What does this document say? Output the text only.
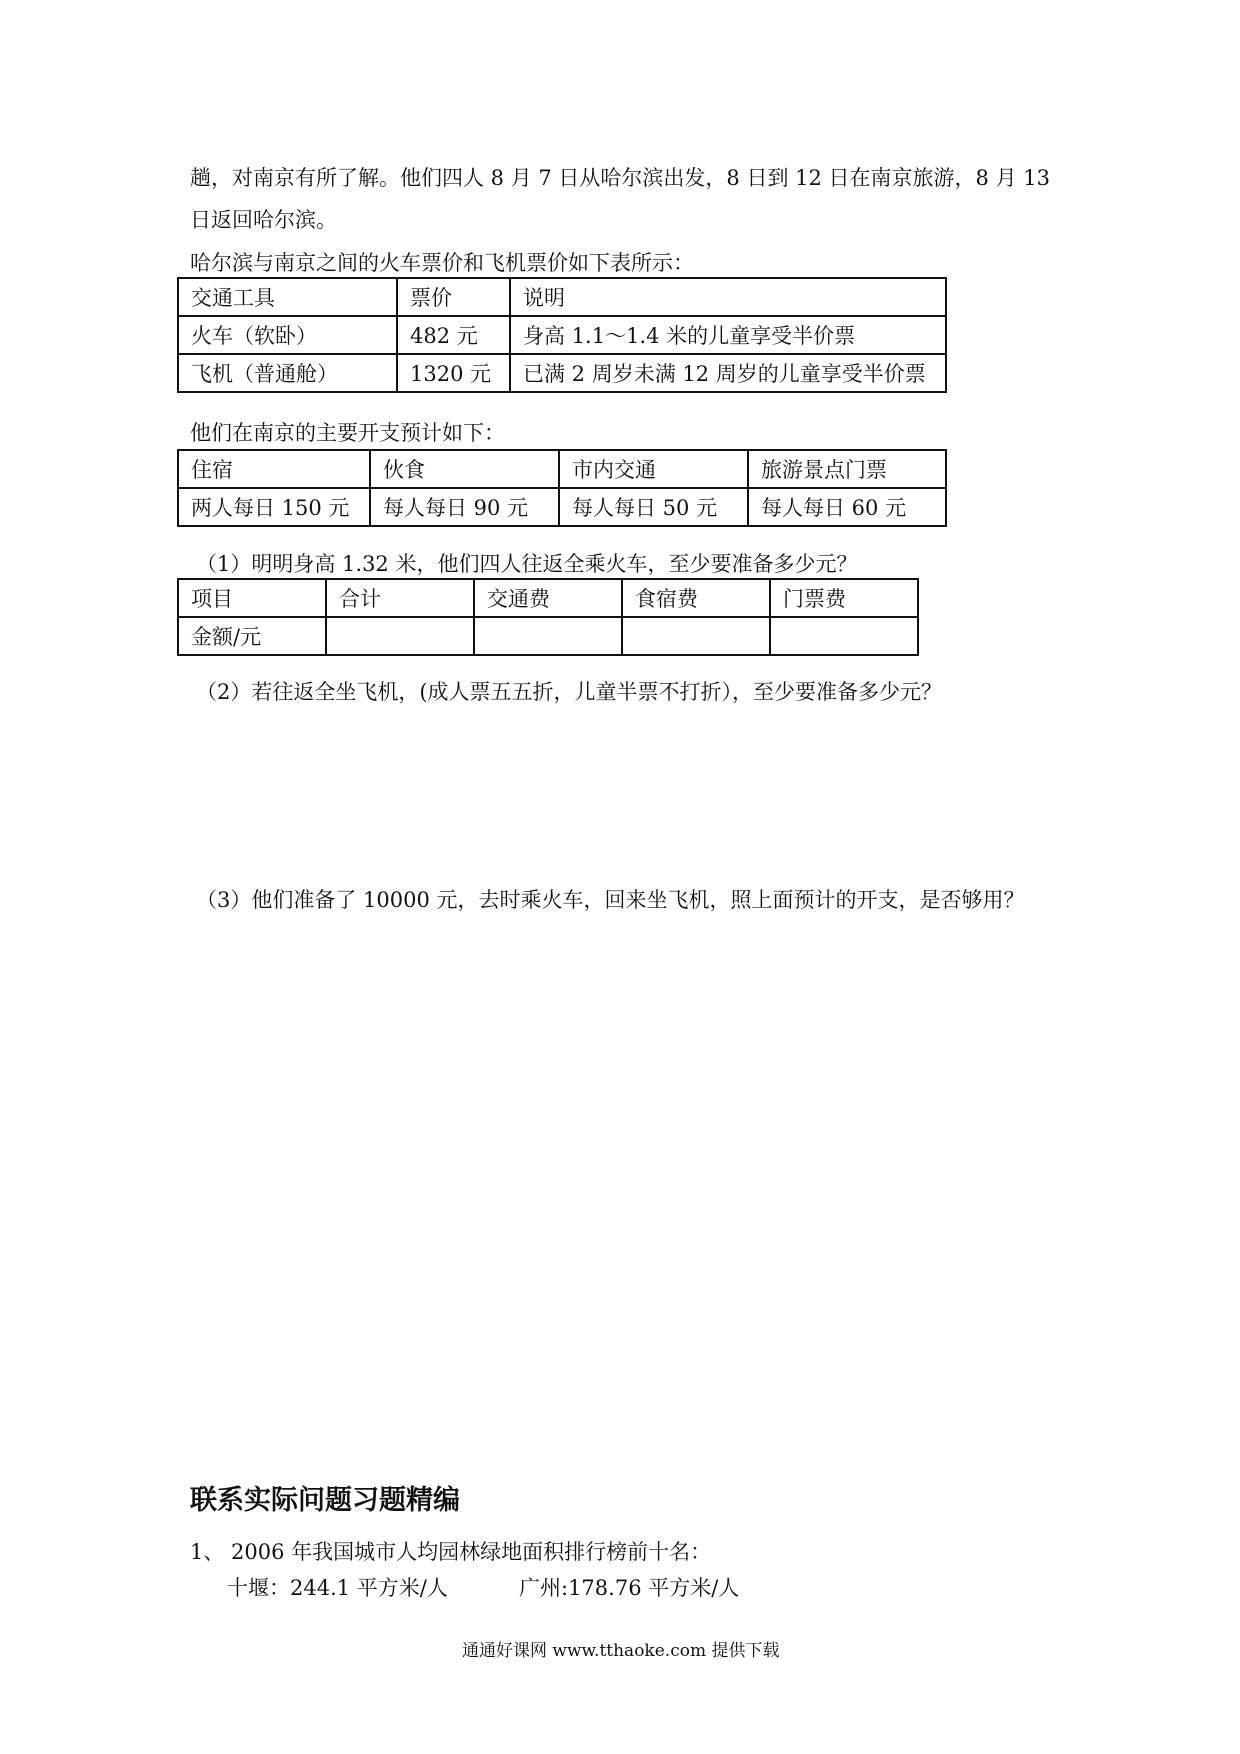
趟，对南京有所了解。他们四人 8 月 7 日从哈尔滨出发，8 日到 12 日在南京旅游，8 月 13
日返回哈尔滨。
哈尔滨与南京之间的火车票价和飞机票价如下表所示：
交通工具	票价	说明
火车（软卧）	482 元	身高 1.1～1.4 米的儿童享受半价票
飞机（普通舱）	1320 元	已满 2 周岁未满 12 周岁的儿童享受半价票
他们在南京的主要开支预计如下：
住宿	伙食	市内交通	旅游景点门票
两人每日 150 元	每人每日 90 元	每人每日 50 元	每人每日 60 元
（1）明明身高 1.32 米，他们四人往返全乘火车，至少要准备多少元？
项目	合计	交通费	食宿费	门票费
金额/元				
（2）若往返全坐飞机，(成人票五五折，儿童半票不打折），至少要准备多少元？
（3）他们准备了 10000 元，去时乘火车，回来坐飞机，照上面预计的开支，是否够用？
联系实际问题习题精编
1、 2006 年我国城市人均园林绿地面积排行榜前十名：
十堰：244.1 平方米/人	广州:178.76 平方米/人
通通好课网 www.tthaoke.com 提供下载
